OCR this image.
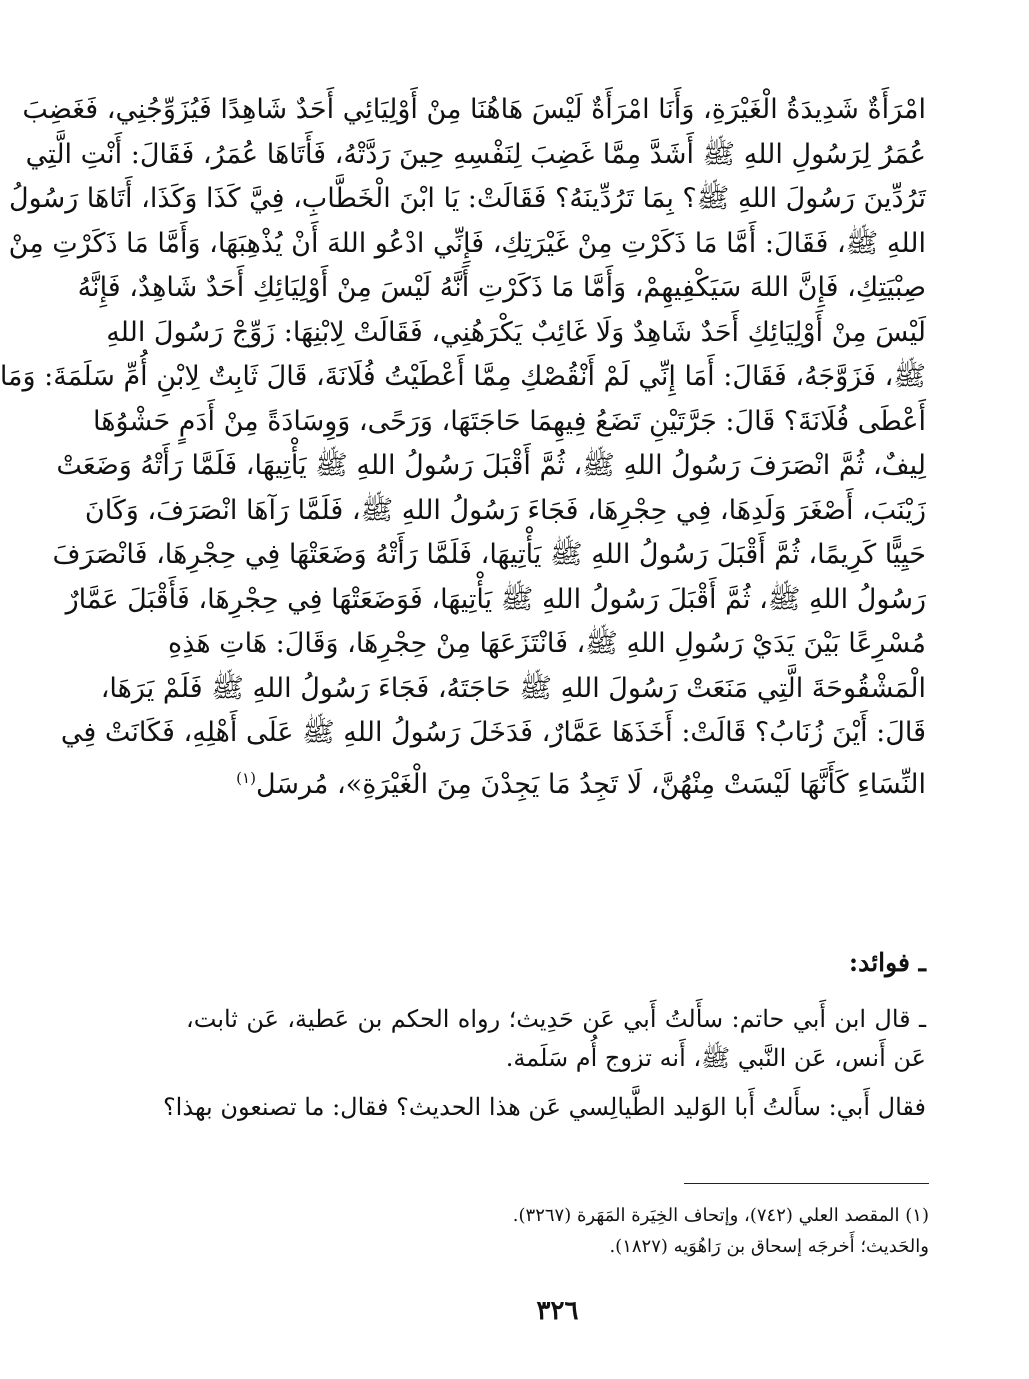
امْرَأَةٌ شَدِيدَةُ الْغَيْرَةِ، وَأَنَا امْرَأَةٌ لَيْسَ هَاهُنَا مِنْ أَوْلِيَائِي أَحَدٌ شَاهِدًا فَيُزَوِّجُنِي، فَغَضِبَ
عُمَرُ لِرَسُولِ اللهِ ﷺ أَشَدَّ مِمَّا غَضِبَ لِنَفْسِهِ حِينَ رَدَّتْهُ، فَأَتَاهَا عُمَرُ، فَقَالَ: أَنْتِ الَّتِي
تَرُدِّينَ رَسُولَ اللهِ ﷺ؟ بِمَا تَرُدِّينَهُ؟ فَقَالَتْ: يَا ابْنَ الْخَطَّابِ، فِيَّ كَذَا وَكَذَا، أَتَاهَا رَسُولُ
اللهِ ﷺ، فَقَالَ: أَمَّا مَا ذَكَرْتِ مِنْ غَيْرَتِكِ، فَإِنِّي ادْعُو اللهَ أَنْ يُذْهِبَهَا، وَأَمَّا مَا ذَكَرْتِ مِنْ
صِبْيَتِكِ، فَإِنَّ اللهَ سَيَكْفِيهِمْ، وَأَمَّا مَا ذَكَرْتِ أَنَّهُ لَيْسَ مِنْ أَوْلِيَائِكِ أَحَدٌ شَاهِدٌ، فَإِنَّهُ
لَيْسَ مِنْ أَوْلِيَائِكِ أَحَدٌ شَاهِدٌ وَلَا غَائِبٌ يَكْرَهُنِي، فَقَالَتْ لِابْنِهَا: زَوِّجْ رَسُولَ اللهِ
ﷺ، فَزَوَّجَهُ، فَقَالَ: أَمَا إِنِّي لَمْ أَنْقُصْكِ مِمَّا أَعْطَيْتُ فُلَانَةَ، قَالَ ثَابِتٌ لِابْنِ أُمِّ سَلَمَةَ: وَمَا
أَعْطَى فُلَانَةَ؟ قَالَ: جَرَّتَيْنِ تَضَعُ فِيهِمَا حَاجَتَهَا، وَرَحًى، وَوِسَادَةً مِنْ أَدَمٍ حَشْوُهَا
لِيفٌ، ثُمَّ انْصَرَفَ رَسُولُ اللهِ ﷺ، ثُمَّ أَقْبَلَ رَسُولُ اللهِ ﷺ يَأْتِيهَا، فَلَمَّا رَأَتْهُ وَضَعَتْ
زَيْنَبَ، أَصْغَرَ وَلَدِهَا، فِي حِجْرِهَا، فَجَاءَ رَسُولُ اللهِ ﷺ، فَلَمَّا رَآهَا انْصَرَفَ، وَكَانَ
حَيِيًّا كَرِيمًا، ثُمَّ أَقْبَلَ رَسُولُ اللهِ ﷺ يَأْتِيهَا، فَلَمَّا رَأَتْهُ وَضَعَتْهَا فِي حِجْرِهَا، فَانْصَرَفَ
رَسُولُ اللهِ ﷺ، ثُمَّ أَقْبَلَ رَسُولُ اللهِ ﷺ يَأْتِيهَا، فَوَضَعَتْهَا فِي حِجْرِهَا، فَأَقْبَلَ عَمَّارٌ
مُسْرِعًا بَيْنَ يَدَيْ رَسُولِ اللهِ ﷺ، فَانْتَزَعَهَا مِنْ حِجْرِهَا، وَقَالَ: هَاتِ هَذِهِ
الْمَشْقُوحَةَ الَّتِي مَنَعَتْ رَسُولَ اللهِ ﷺ حَاجَتَهُ، فَجَاءَ رَسُولُ اللهِ ﷺ فَلَمْ يَرَهَا،
قَالَ: أَيْنَ زُنَابُ؟ قَالَتْ: أَخَذَهَا عَمَّارٌ، فَدَخَلَ رَسُولُ اللهِ ﷺ عَلَى أَهْلِهِ، فَكَانَتْ فِي
النِّسَاءِ كَأَنَّهَا لَيْسَتْ مِنْهُنَّ، لَا تَجِدُ مَا يَجِدْنَ مِنَ الْغَيْرَةِ»، مُرسَل$^{(١)}$
ـ فوائد:

ـ قال ابن أَبي حاتم: سأَلتُ أَبي عَن حَدِيث؛ رواه الحكم بن عَطية، عَن ثابت،
عَن أَنس، عَن النَّبي ﷺ، أَنه تزوج أُم سَلَمة.

فقال أَبي: سأَلتُ أَبا الوَليد الطَّيالِسي عَن هذا الحديث؟ فقال: ما تصنعون بهذا؟

(١) المقصد العلي (٧٤٢)، وإتحاف الخِيَرة المَهَرة (٣٢٦٧).
والحَديث؛ أَخرجَه إسحاق بن رَاهُوَيه (١٨٢٧).
٣٢٦
